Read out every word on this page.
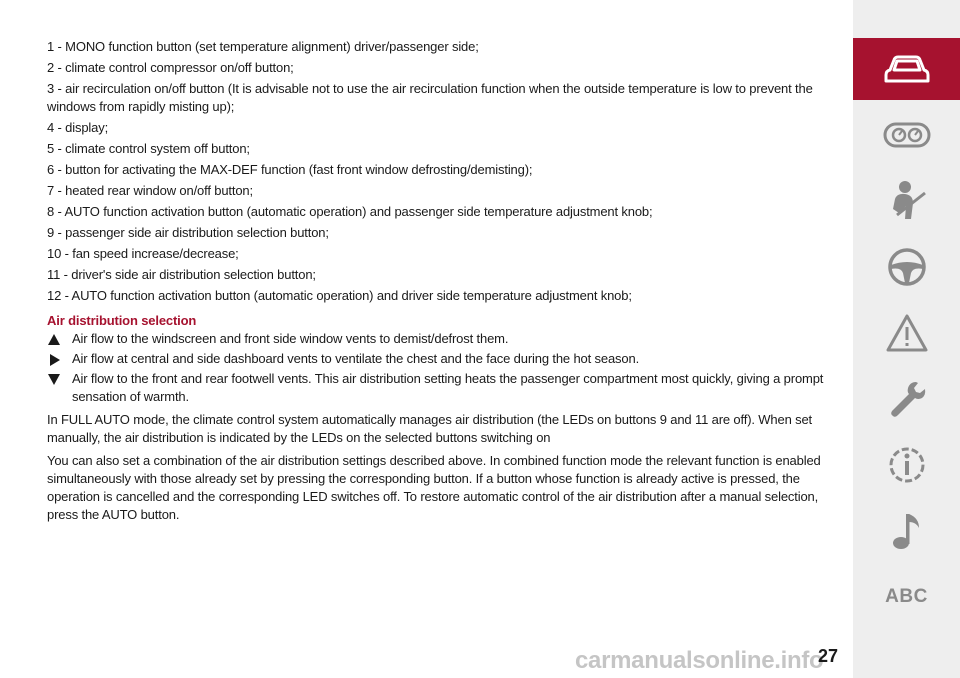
1 - MONO function button (set temperature alignment) driver/passenger side;

2 - climate control compressor on/off button;

3 - air recirculation on/off button (It is advisable not to use the air recirculation function when the outside temperature is low to prevent the windows from rapidly misting up);

4 - display;

5 - climate control system off button;

6 - button for activating the MAX-DEF function (fast front window defrosting/demisting);

7 - heated rear window on/off button;

8 - AUTO function activation button (automatic operation) and passenger side temperature adjustment knob;

9 - passenger side air distribution selection button;

10 - fan speed increase/decrease;

11 - driver's side air distribution selection button;

12 - AUTO function activation button (automatic operation) and driver side temperature adjustment knob;

Air distribution selection

Air flow to the windscreen and front side window vents to demist/defrost them.
Air flow at central and side dashboard vents to ventilate the chest and the face during the hot season.
Air flow to the front and rear footwell vents. This air distribution setting heats the passenger compartment most quickly, giving a prompt sensation of warmth.

In FULL AUTO mode, the climate control system automatically manages air distribution (the LEDs on buttons 9 and 11 are off). When set manually, the air distribution is indicated by the LEDs on the selected buttons switching on

You can also set a combination of the air distribution settings described above. In combined function mode the relevant function is enabled simultaneously with those already set by pressing the corresponding button. If a button whose function is already active is pressed, the operation is cancelled and the corresponding LED switches off. To restore automatic control of the air distribution after a manual selection, press the AUTO button.

ABC
carmanualsonline.info
27
